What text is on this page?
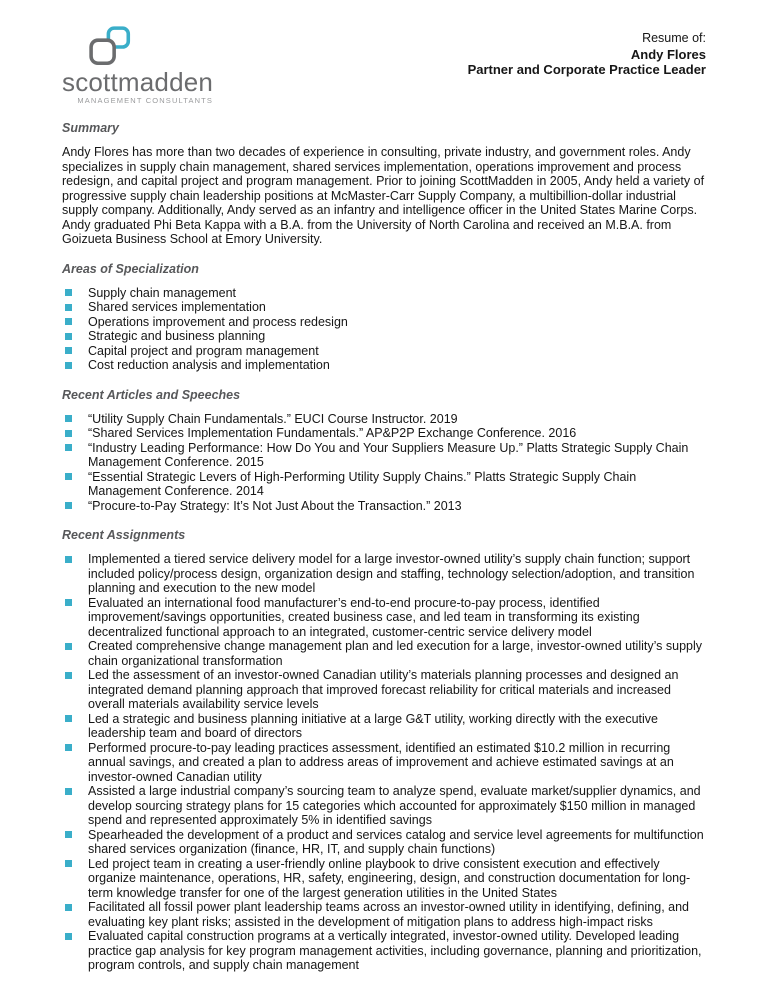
scottmadden
MANAGEMENT CONSULTANTS
Resume of:
Andy Flores
Partner and Corporate Practice Leader
Summary

Andy Flores has more than two decades of experience in consulting, private industry, and government roles. Andy specializes in supply chain management, shared services implementation, operations improvement and process redesign, and capital project and program management. Prior to joining ScottMadden in 2005, Andy held a variety of progressive supply chain leadership positions at McMaster-Carr Supply Company, a multibillion-dollar industrial supply company. Additionally, Andy served as an infantry and intelligence officer in the United States Marine Corps. Andy graduated Phi Beta Kappa with a B.A. from the University of North Carolina and received an M.B.A. from Goizueta Business School at Emory University.

Areas of Specialization
Supply chain management
Shared services implementation
Operations improvement and process redesign
Strategic and business planning
Capital project and program management
Cost reduction analysis and implementation
Recent Articles and Speeches
“Utility Supply Chain Fundamentals.” EUCI Course Instructor. 2019
“Shared Services Implementation Fundamentals.” AP&P2P Exchange Conference. 2016
“Industry Leading Performance: How Do You and Your Suppliers Measure Up.” Platts Strategic Supply Chain Management Conference. 2015
“Essential Strategic Levers of High-Performing Utility Supply Chains.” Platts Strategic Supply Chain Management Conference. 2014
“Procure-to-Pay Strategy: It’s Not Just About the Transaction.” 2013
Recent Assignments
Implemented a tiered service delivery model for a large investor-owned utility’s supply chain function; support included policy/process design, organization design and staffing, technology selection/adoption, and transition planning and execution to the new model
Evaluated an international food manufacturer’s end-to-end procure-to-pay process, identified improvement/savings opportunities, created business case, and led team in transforming its existing decentralized functional approach to an integrated, customer-centric service delivery model
Created comprehensive change management plan and led execution for a large, investor-owned utility’s supply chain organizational transformation
Led the assessment of an investor-owned Canadian utility’s materials planning processes and designed an integrated demand planning approach that improved forecast reliability for critical materials and increased overall materials availability service levels
Led a strategic and business planning initiative at a large G&T utility, working directly with the executive leadership team and board of directors
Performed procure-to-pay leading practices assessment, identified an estimated $10.2 million in recurring annual savings, and created a plan to address areas of improvement and achieve estimated savings at an investor-owned Canadian utility
Assisted a large industrial company’s sourcing team to analyze spend, evaluate market/supplier dynamics, and develop sourcing strategy plans for 15 categories which accounted for approximately $150 million in managed spend and represented approximately 5% in identified savings
Spearheaded the development of a product and services catalog and service level agreements for multifunction shared services organization (finance, HR, IT, and supply chain functions)
Led project team in creating a user-friendly online playbook to drive consistent execution and effectively organize maintenance, operations, HR, safety, engineering, design, and construction documentation for long-term knowledge transfer for one of the largest generation utilities in the United States
Facilitated all fossil power plant leadership teams across an investor-owned utility in identifying, defining, and evaluating key plant risks; assisted in the development of mitigation plans to address high-impact risks
Evaluated capital construction programs at a vertically integrated, investor-owned utility. Developed leading practice gap analysis for key program management activities, including governance, planning and prioritization, program controls, and supply chain management
